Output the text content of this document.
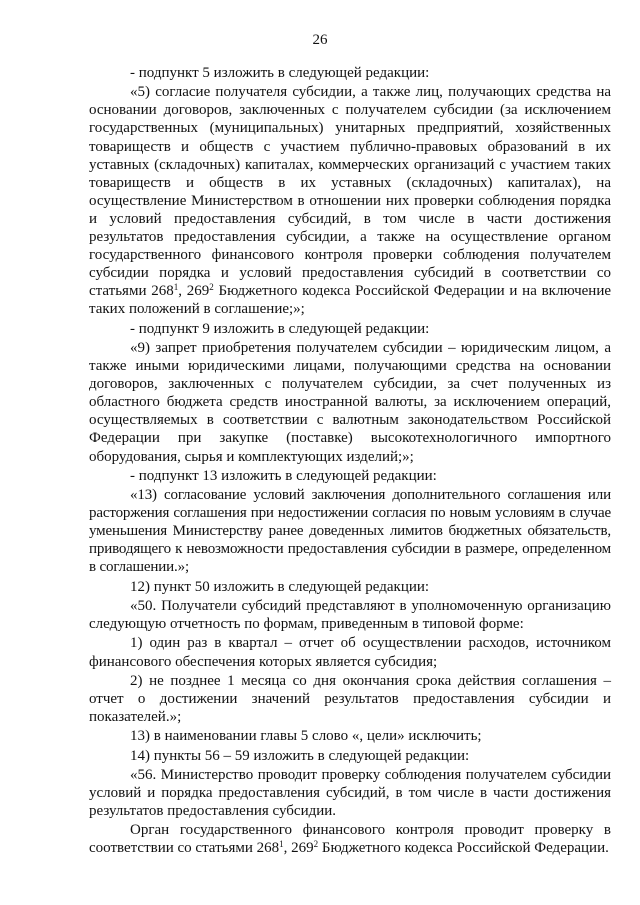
26

- подпункт 5 изложить в следующей редакции:

«5) согласие получателя субсидии, а также лиц, получающих средства на основании договоров, заключенных с получателем субсидии (за исключением государственных (муниципальных) унитарных предприятий, хозяйственных товариществ и обществ с участием публично-правовых образований в их уставных (складочных) капиталах, коммерческих организаций с участием таких товариществ и обществ в их уставных (складочных) капиталах), на осуществление Министерством в отношении них проверки соблюдения порядка и условий предоставления субсидий, в том числе в части достижения результатов предоставления субсидии, а также на осуществление органом государственного финансового контроля проверки соблюдения получателем субсидии порядка и условий предоставления субсидий в соответствии со статьями $268^1$, $269^2$ Бюджетного кодекса Российской Федерации и на включение таких положений в соглашение;»;

- подпункт 9 изложить в следующей редакции:

«9) запрет приобретения получателем субсидии – юридическим лицом, а также иными юридическими лицами, получающими средства на основании договоров, заключенных с получателем субсидии, за счет полученных из областного бюджета средств иностранной валюты, за исключением операций, осуществляемых в соответствии с валютным законодательством Российской Федерации при закупке (поставке) высокотехнологичного импортного оборудования, сырья и комплектующих изделий;»;

- подпункт 13 изложить в следующей редакции:

«13) согласование условий заключения дополнительного соглашения или расторжения соглашения при недостижении согласия по новым условиям в случае уменьшения Министерству ранее доведенных лимитов бюджетных обязательств, приводящего к невозможности предоставления субсидии в размере, определенном в соглашении.»;

12) пункт 50 изложить в следующей редакции:

«50. Получатели субсидий представляют в уполномоченную организацию следующую отчетность по формам, приведенным в типовой форме:

1) один раз в квартал – отчет об осуществлении расходов, источником финансового обеспечения которых является субсидия;

2) не позднее 1 месяца со дня окончания срока действия соглашения – отчет о достижении значений результатов предоставления субсидии и показателей.»;

13) в наименовании главы 5 слово «, цели» исключить;

14) пункты 56 – 59 изложить в следующей редакции:

«56. Министерство проводит проверку соблюдения получателем субсидии условий и порядка предоставления субсидий, в том числе в части достижения результатов предоставления субсидии.

Орган государственного финансового контроля проводит проверку в соответствии со статьями $268^1$, $269^2$ Бюджетного кодекса Российской Федерации.
